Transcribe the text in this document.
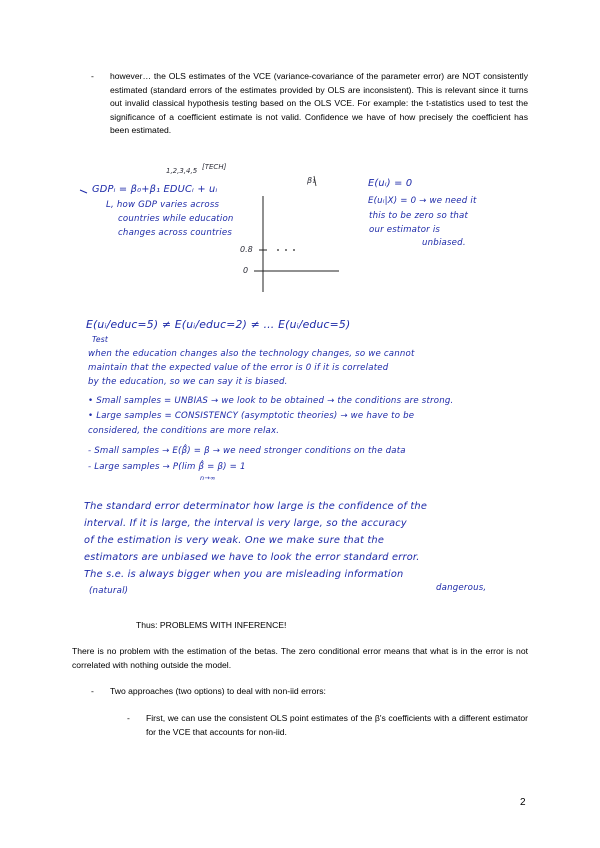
- however… the OLS estimates of the VCE (variance-covariance of the parameter error) are NOT consistently estimated (standard errors of the estimates provided by OLS are inconsistent). This is relevant since it turns out invalid classical hypothesis testing based on the OLS VCE. For example: the t-statistics used to test the significance of a coefficient estimate is not valid. Confidence we have of how precisely the coefficient has been estimated.
1,2,3,4,5 [TECH]
β₁
GDPᵢ = β₀+β₁ EDUCᵢ + uᵢ
L, how GDP varies across
countries while education
changes across countries
E(uᵢ) = 0
E(uᵢ|X) = 0 → we need it
this to be zero so that
our estimator is
unbiased.
0.8
0
E(uᵢ/educ=5) ≠ E(uᵢ/educ=2) ≠ … E(uᵢ/educ=5)
Test
when the education changes also the technology changes, so we cannot
maintain that the expected value of the error is 0 if it is correlated
by the education, so we can say it is biased.
• Small samples = UNBIAS → we look to be obtained → the conditions are strong.
• Large samples = CONSISTENCY (asymptotic theories) → we have to be
considered, the conditions are more relax.
- Small samples → E(β̂) = β → we need stronger conditions on the data
- Large samples → P(lim β̂ = β) = 1
n→∞
The standard error determinator how large is the confidence of the
interval. If it is large, the interval is very large, so the accuracy
of the estimation is very weak. One we make sure that the
estimators are unbiased we have to look the error standard error.
The s.e. is always bigger when you are misleading information
(natural)	dangerous,
Thus: PROBLEMS WITH INFERENCE!
There is no problem with the estimation of the betas. The zero conditional error means that what is in the error is not correlated with nothing outside the model.
- Two approaches (two options) to deal with non-iid errors:
- First, we can use the consistent OLS point estimates of the β's coefficients with a different estimator for the VCE that accounts for non-iid.
2
